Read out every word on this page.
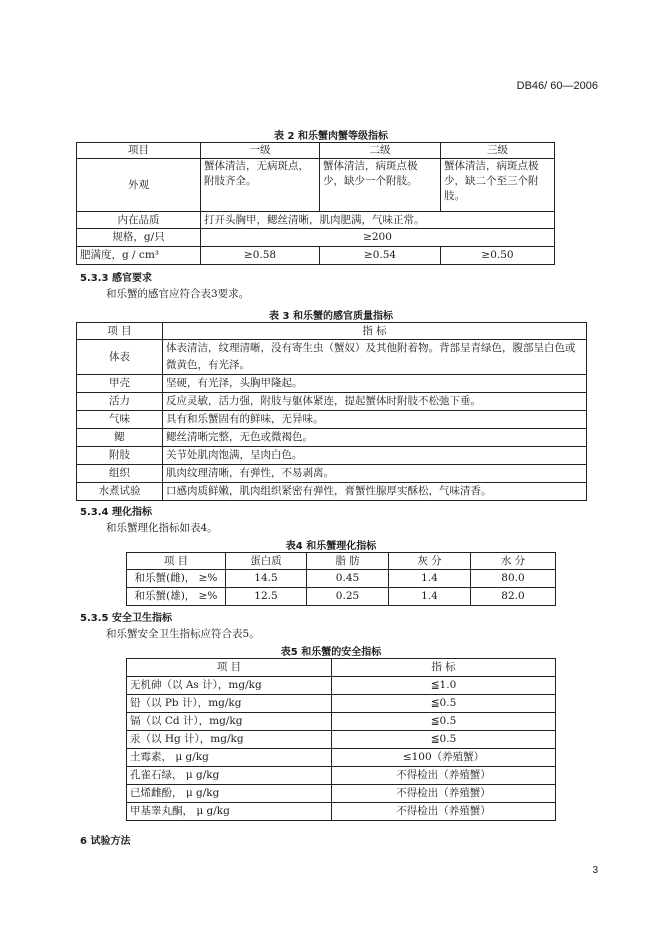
DB46/ 60—2006
表 2 和乐蟹肉蟹等级指标
项目	一级	二级	三级
外观	蟹体清洁，无病斑点，附肢齐全。	蟹体清洁，病斑点极少，缺少一个附肢。	蟹体清洁，病斑点极少，缺二个至三个附肢。
内在品质	打开头胸甲，鳃丝清晰，肌肉肥满，气味正常。		
规格，g/只	≥200		
肥满度，g / cm³	≥0.58	≥0.54	≥0.50
5.3.3 感官要求
和乐蟹的感官应符合表3要求。
表 3 和乐蟹的感官质量指标
项 目	指 标
体表	体表清洁，纹理清晰，没有寄生虫（蟹奴）及其他附着物。背部呈青绿色，腹部呈白色或微黄色，有光泽。
甲壳	坚硬，有光泽，头胸甲隆起。
活力	反应灵敏，活力强，附肢与躯体紧连，提起蟹体时附肢不松弛下垂。
气味	具有和乐蟹固有的鲜味，无异味。
鳃	鳃丝清晰完整，无色或微褐色。
附肢	关节处肌肉饱满，呈肉白色。
组织	肌肉纹理清晰，有弹性，不易剥离。
水煮试验	口感肉质鲜嫩，肌肉组织紧密有弹性，膏蟹性腺厚实酥松，气味清香。
5.3.4 理化指标
和乐蟹理化指标如表4。
表4 和乐蟹理化指标
项 目	蛋白质	脂 肪	灰 分	水 分
和乐蟹(雌)， ≥%	14.5	0.45	1.4	80.0
和乐蟹(雄)， ≥%	12.5	0.25	1.4	82.0
5.3.5 安全卫生指标
和乐蟹安全卫生指标应符合表5。
表5 和乐蟹的安全指标
项 目	指 标
无机砷（以 As 计），mg/kg	≦1.0
铅（以 Pb 计），mg/kg	≦0.5
镉（以 Cd 计），mg/kg	≦0.5
汞（以 Hg 计），mg/kg	≦0.5
土霉素， μ g/kg	≤100（养殖蟹）
孔雀石绿， μ g/kg	不得检出（养殖蟹）
已烯雌酚， μ g/kg	不得检出（养殖蟹）
甲基睾丸酮， μ g/kg	不得检出（养殖蟹）
6 试验方法
3
